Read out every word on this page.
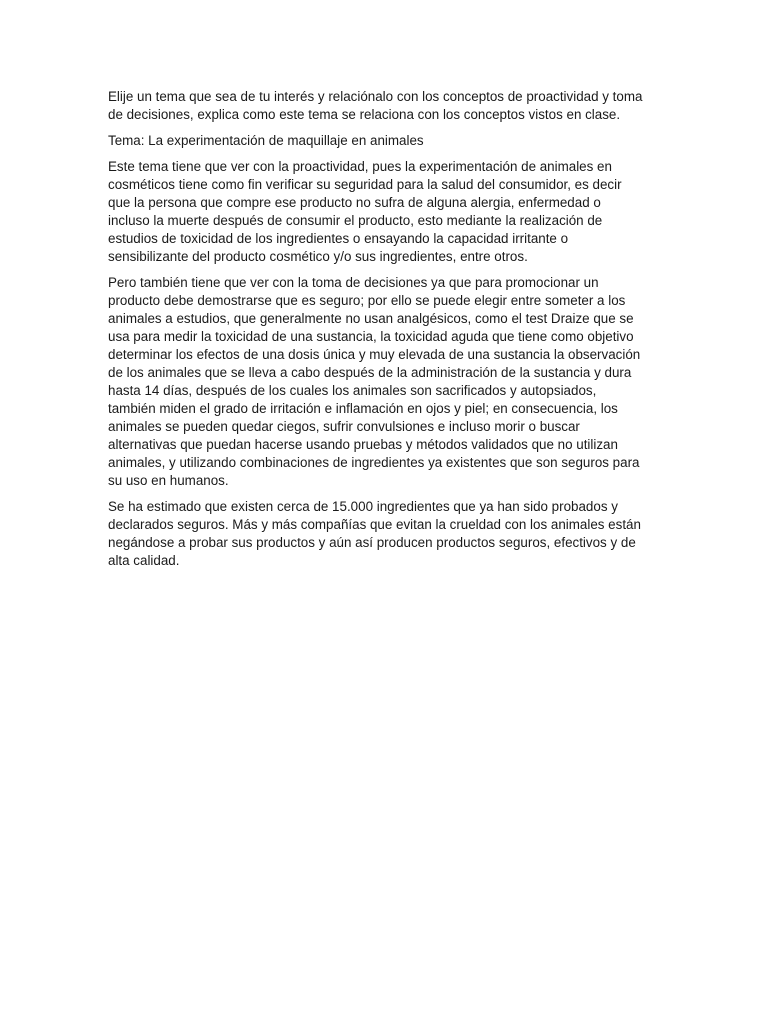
Elije un tema que sea de tu interés y relaciónalo con los conceptos de proactividad y toma
de decisiones, explica como este tema se relaciona con los conceptos vistos en clase.

Tema: La experimentación de maquillaje en animales

Este tema tiene que ver con la proactividad, pues la experimentación de animales en
cosméticos tiene como fin verificar su seguridad para la salud del consumidor, es decir
que la persona que compre ese producto no sufra de alguna alergia, enfermedad o
incluso la muerte después de consumir el producto, esto mediante la realización de
estudios de toxicidad de los ingredientes o ensayando la capacidad irritante o
sensibilizante del producto cosmético y/o sus ingredientes, entre otros.

Pero también tiene que ver con la toma de decisiones ya que para promocionar un
producto debe demostrarse que es seguro; por ello se puede elegir entre someter a los
animales a estudios, que generalmente no usan analgésicos, como el test Draize que se
usa para medir la toxicidad de una sustancia, la toxicidad aguda que tiene como objetivo
determinar los efectos de una dosis única y muy elevada de una sustancia la observación
de los animales que se lleva a cabo después de la administración de la sustancia y dura
hasta 14 días, después de los cuales los animales son sacrificados y autopsiados,
también miden el grado de irritación e inflamación en ojos y piel; en consecuencia, los
animales se pueden quedar ciegos, sufrir convulsiones e incluso morir o buscar
alternativas que puedan hacerse usando pruebas y métodos validados que no utilizan
animales, y utilizando combinaciones de ingredientes ya existentes que son seguros para
su uso en humanos.

Se ha estimado que existen cerca de 15.000 ingredientes que ya han sido probados y
declarados seguros. Más y más compañías que evitan la crueldad con los animales están
negándose a probar sus productos y aún así producen productos seguros, efectivos y de
alta calidad.
